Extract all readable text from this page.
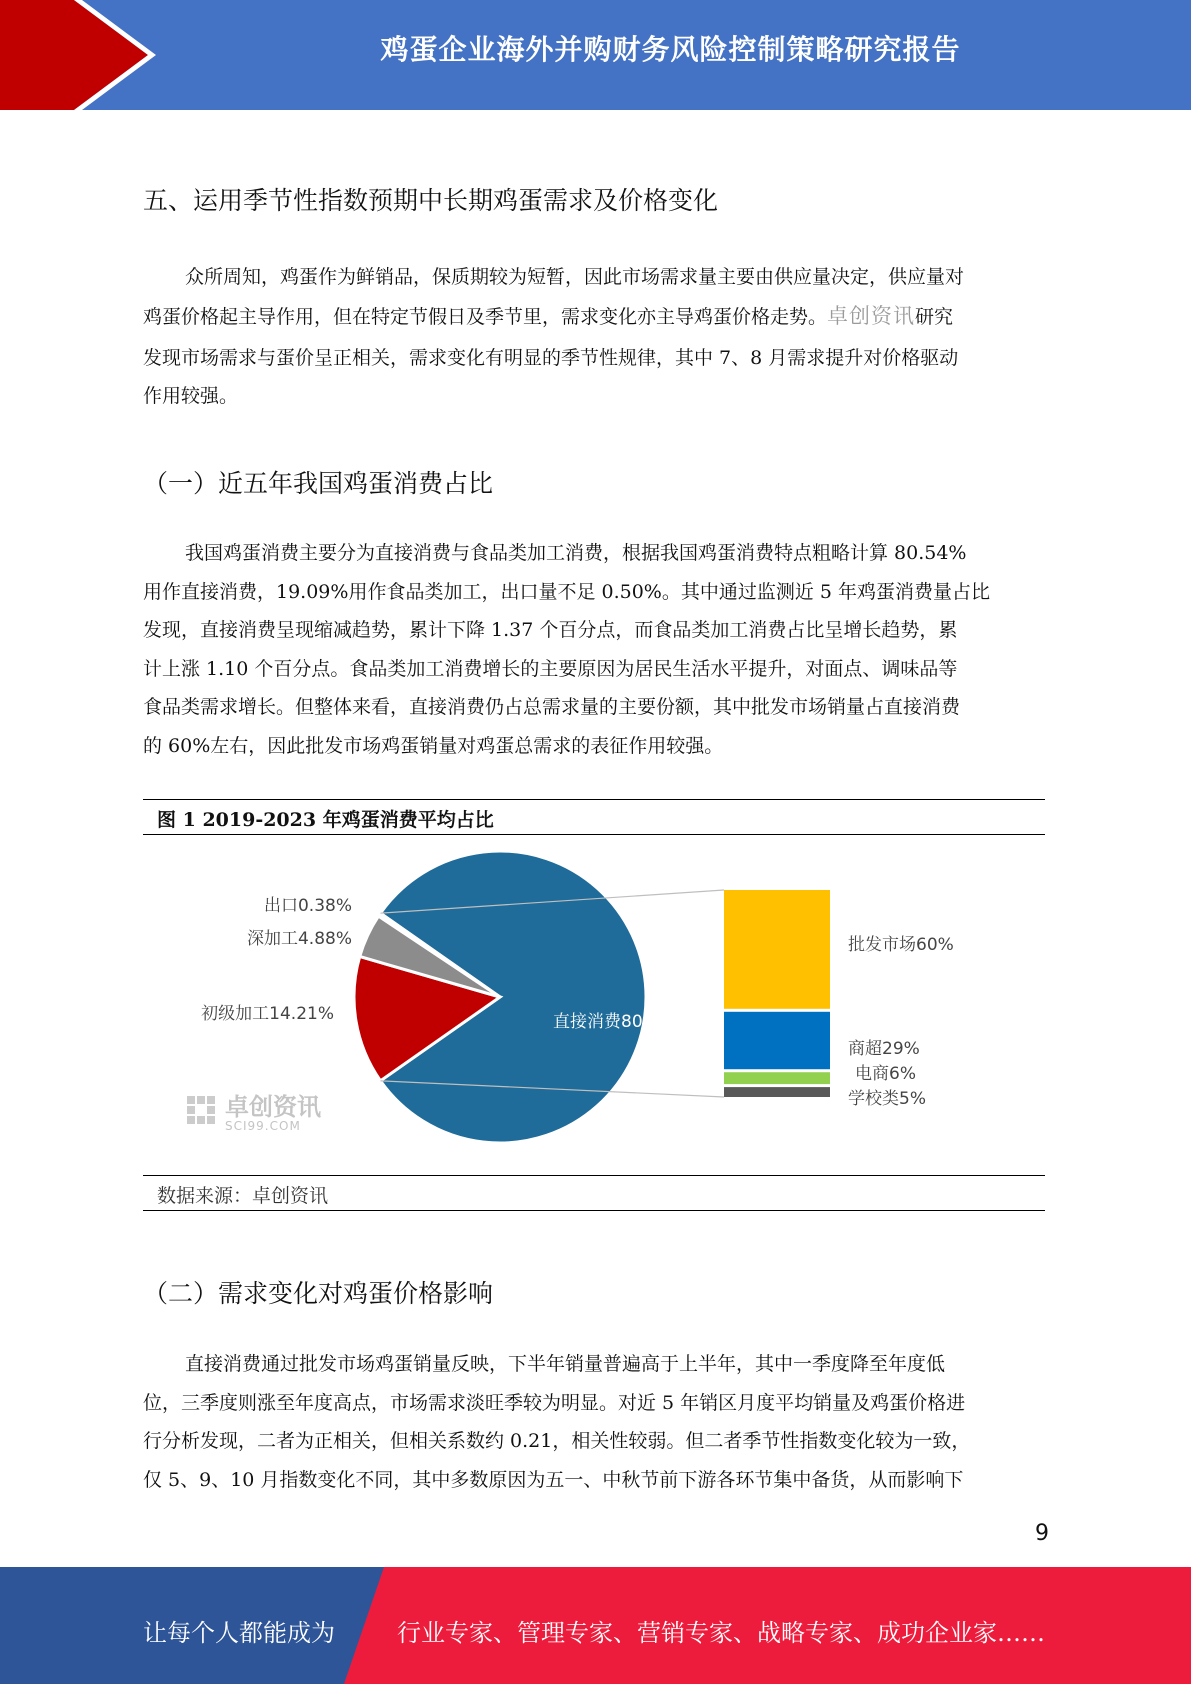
鸡蛋企业海外并购财务风险控制策略研究报告
五、运用季节性指数预期中长期鸡蛋需求及价格变化
众所周知，鸡蛋作为鲜销品，保质期较为短暂，因此市场需求量主要由供应量决定，供应量对
鸡蛋价格起主导作用，但在特定节假日及季节里，需求变化亦主导鸡蛋价格走势。卓创资讯研究
发现市场需求与蛋价呈正相关，需求变化有明显的季节性规律，其中 7、8 月需求提升对价格驱动
作用较强。
（一）近五年我国鸡蛋消费占比
我国鸡蛋消费主要分为直接消费与食品类加工消费，根据我国鸡蛋消费特点粗略计算 80.54%
用作直接消费，19.09%用作食品类加工，出口量不足 0.50%。其中通过监测近 5 年鸡蛋消费量占比
发现，直接消费呈现缩减趋势，累计下降 1.37 个百分点，而食品类加工消费占比呈增长趋势，累
计上涨 1.10 个百分点。食品类加工消费增长的主要原因为居民生活水平提升，对面点、调味品等
食品类需求增长。但整体来看，直接消费仍占总需求量的主要份额，其中批发市场销量占直接消费
的 60%左右，因此批发市场鸡蛋销量对鸡蛋总需求的表征作用较强。
图 1 2019-2023 年鸡蛋消费平均占比
卓创资讯
SCI99.COM
直接消费80.54%
初级加工14.21%
深加工4.88%
出口0.38%
批发市场60%
商超29%
电商6%
学校类5%
数据来源：卓创资讯
（二）需求变化对鸡蛋价格影响
直接消费通过批发市场鸡蛋销量反映，下半年销量普遍高于上半年，其中一季度降至年度低
位，三季度则涨至年度高点，市场需求淡旺季较为明显。对近 5 年销区月度平均销量及鸡蛋价格进
行分析发现，二者为正相关，但相关系数约 0.21，相关性较弱。但二者季节性指数变化较为一致，
仅 5、9、10 月指数变化不同，其中多数原因为五一、中秋节前下游各环节集中备货，从而影响下
9
让每个人都能成为	行业专家、管理专家、营销专家、战略专家、成功企业家……
